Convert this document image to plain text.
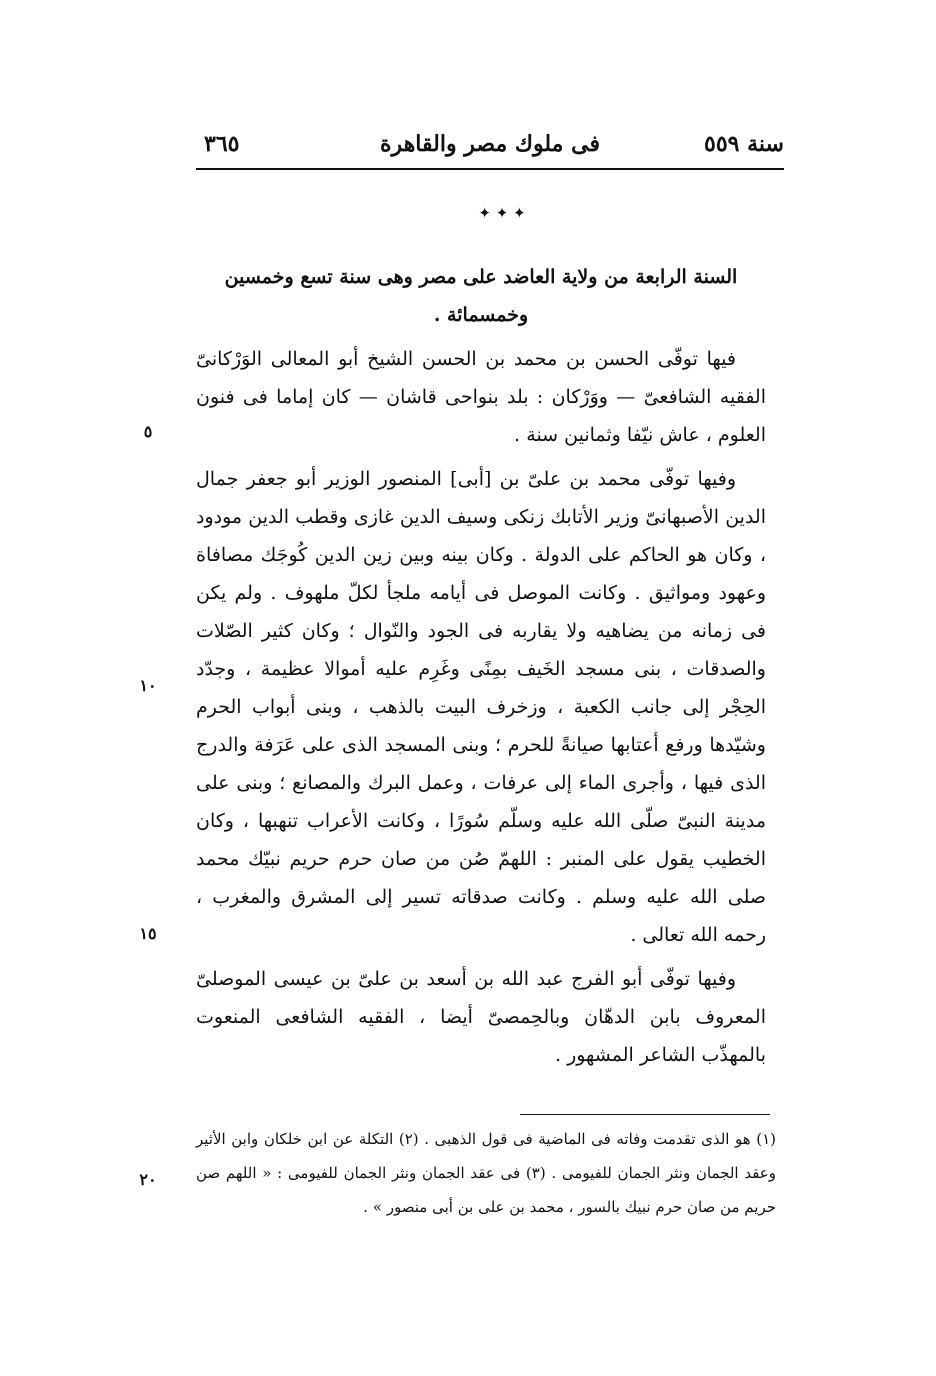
سنة ٥٥٩
فى ملوك مصر والقاهرة
٣٦٥
✦ ✦ ✦

السنة الرابعة من ولاية العاضد على مصر وهى سنة تسع وخمسين وخمسمائة .

فيها توفّى الحسن بن محمد بن الحسن الشيخ أبو المعالى الوَرْكانىّ الفقيه الشافعىّ — ووَرْكان : بلد بنواحى قاشان — كان إماما فى فنون العلوم ، عاش نيّفا وثمانين سنة .

وفيها توفّى محمد بن علىّ بن [أبى] المنصور الوزير أبو جعفر جمال الدين الأصبهانىّ وزير الأتابك زنكى وسيف الدين غازى وقطب الدين مودود ، وكان هو الحاكم على الدولة . وكان بينه وبين زين الدين كُوجَك مصافاة وعهود ومواثيق . وكانت الموصل فى أيامه ملجأ لكلّ ملهوف . ولم يكن فى زمانه من يضاهيه ولا يقاربه فى الجود والنّوال ؛ وكان كثير الصّلات والصدقات ، بنى مسجد الخَيف بمِنًى وغَرِم عليه أموالا عظيمة ، وجدّد الحِجْر إلى جانب الكعبة ، وزخرف البيت بالذهب ، وبنى أبواب الحرم وشيّدها ورفع أعتابها صيانةً للحرم ؛ وبنى المسجد الذى على عَرَفة والدرج الذى فيها ، وأجرى الماء إلى عرفات ، وعمل البرك والمصانع ؛ وبنى على مدينة النبىّ صلّى الله عليه وسلّم سُورًا ، وكانت الأعراب تنهبها ، وكان الخطيب يقول على المنبر : اللهمّ صُن من صان حرم حريم نبيّك محمد صلى الله عليه وسلم . وكانت صدقاته تسير إلى المشرق والمغرب ، رحمه الله تعالى .

وفيها توفّى أبو الفرج عبد الله بن أسعد بن علىّ بن عيسى الموصلىّ المعروف بابن الدهّان وبالحِمصىّ أيضا ، الفقيه الشافعى المنعوت بالمهذّب الشاعر المشهور .

٥
١٠
١٥
٢٠

(١) هو الذى تقدمت وفاته فى الماضية فى قول الذهبى . (٢) التكلة عن ابن خلكان وابن الأثير وعقد الجمان ونثر الجمان للفيومى . (٣) فى عقد الجمان ونثر الجمان للفيومى : « اللهم صن حريم من صان حرم نبيك بالسور ، محمد بن على بن أبى منصور » .
